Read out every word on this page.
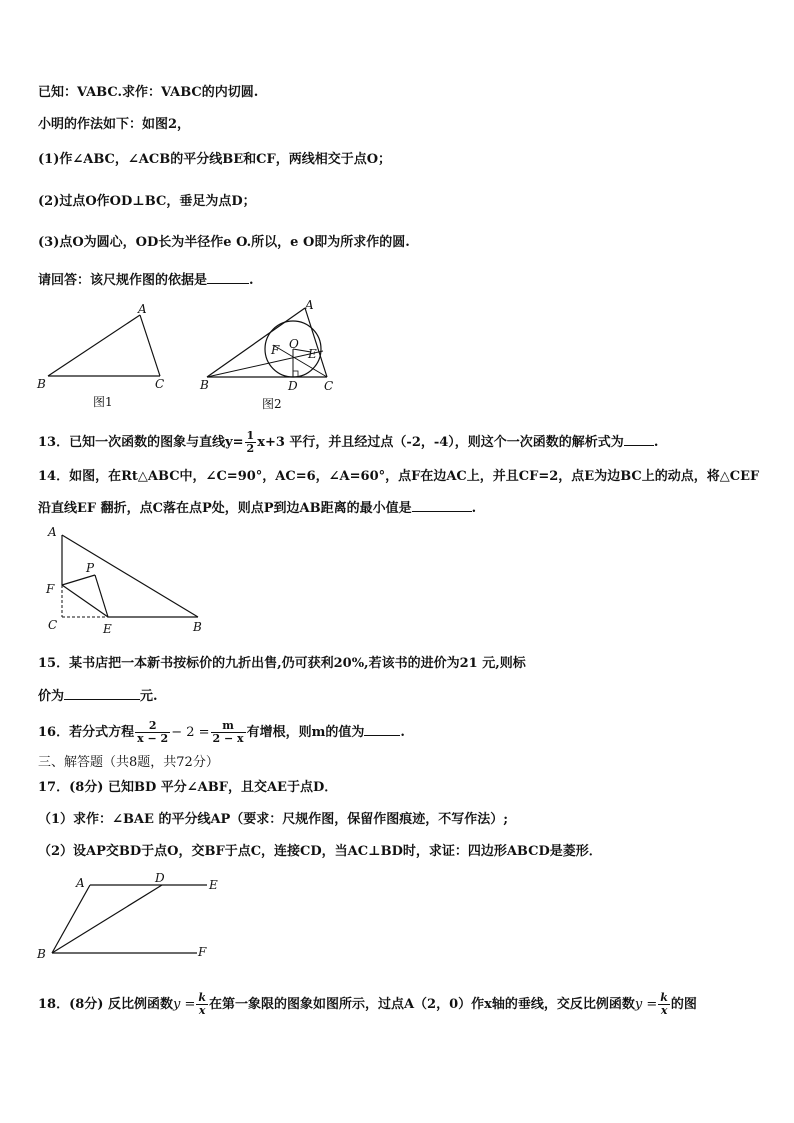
已知：VABC.求作：VABC的内切圆.
小明的作法如下：如图2，
(1)作∠ABC，∠ACB的平分线BE和CF，两线相交于点O；
(2)过点O作OD⊥BC，垂足为点D；
(3)点O为圆心，OD长为半径作e O.所以，e O即为所求作的圆.
请回答：该尺规作图的依据是	.
A
B	C
图1
A
B	C
D
E
F O
图2
13．已知一次函数的图象与直线$y= \frac{1}{2} x+3$ 平行，并且经过点（-2，-4），则这个一次函数的解析式为 .
14．如图，在Rt△ABC中，∠C=90°，AC=6，∠A=60°，点F在边AC上，并且CF=2，点E为边BC上的动点，将△CEF
沿直线EF 翻折，点C落在点P处，则点P到边AB距离的最小值是	.
A
B
C	E
F
P
15．某书店把一本新书按标价的九折出售,仍可获利20%,若该书的进价为21 元,则标
价为	元.
16．若分式方程 $\frac{2}{x - 2} - 2 = \frac{m}{2 - x}$ 有增根，则m的值为	.
三、解答题（共8题，共72分）
17．(8分) 已知BD 平分∠ABF，且交AE于点D．
（1）求作：∠BAE 的平分线AP（要求：尺规作图，保留作图痕迹，不写作法）;
（2）设AP交BD于点O，交BF于点C，连接CD，当AC⊥BD时，求证：四边形ABCD是菱形．
A	D	E
B	F
18．(8分) 反比例函数$y = \frac{k}{x}$ 在第一象限的图象如图所示，过点A（2，0）作x轴的垂线，交反比例函数$y = \frac{k}{x}$ 的图
